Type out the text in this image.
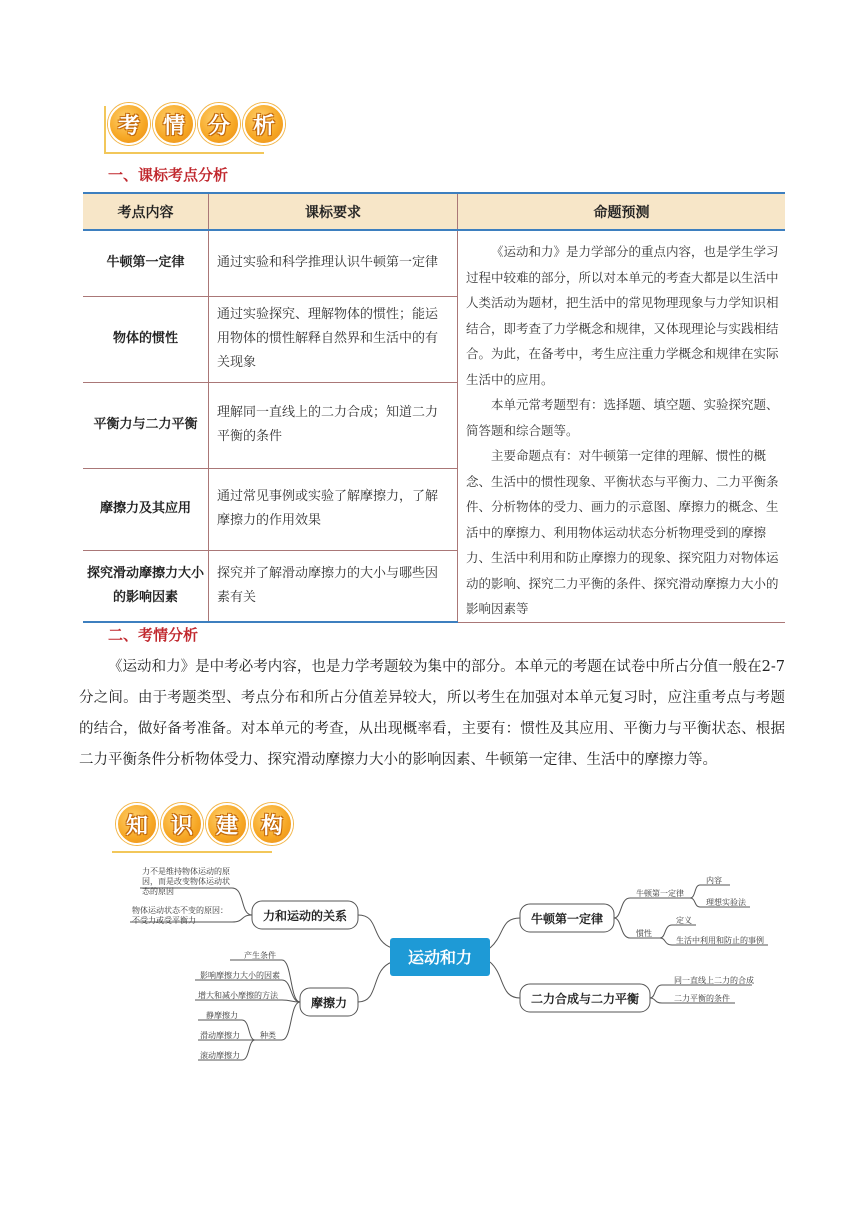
考	情	分	析
一、课标考点分析
考点内容	课标要求	命题预测
牛顿第一定律	通过实验和科学推理认识牛顿第一定律	《运动和力》是力学部分的重点内容，也是学生学习过程中较难的部分，所以对本单元的考查大都是以生活中人类活动为题材，把生活中的常见物理现象与力学知识相结合，即考查了力学概念和规律，又体现理论与实践相结合。为此，在备考中，考生应注重力学概念和规律在实际生活中的应用。

本单元常考题型有：选择题、填空题、实验探究题、简答题和综合题等。

主要命题点有：对牛顿第一定律的理解、惯性的概念、生活中的惯性现象、平衡状态与平衡力、二力平衡条件、分析物体的受力、画力的示意图、摩擦力的概念、生活中的摩擦力、利用物体运动状态分析物理受到的摩擦力、生活中利用和防止摩擦力的现象、探究阻力对物体运动的影响、探究二力平衡的条件、探究滑动摩擦力大小的影响因素等

物体的惯性	通过实验探究、理解物体的惯性；能运用物体的惯性解释自然界和生活中的有关现象	
平衡力与二力平衡	理解同一直线上的二力合成；知道二力平衡的条件	
摩擦力及其应用	通过常见事例或实验了解摩擦力，了解摩擦力的作用效果	
探究滑动摩擦力大小的影响因素	探究并了解滑动摩擦力的大小与哪些因素有关	
二、考情分析
《运动和力》是中考必考内容，也是力学考题较为集中的部分。本单元的考题在试卷中所占分值一般在2-7分之间。由于考题类型、考点分布和所占分值差异较大，所以考生在加强对本单元复习时，应注重考点与考题的结合，做好备考准备。对本单元的考查，从出现概率看，主要有：惯性及其应用、平衡力与平衡状态、根据二力平衡条件分析物体受力、探究滑动摩擦力大小的影响因素、牛顿第一定律、生活中的摩擦力等。
知	识	建	构
运动和力
力和运动的关系
摩擦力
牛顿第一定律
二力合成与二力平衡
力不是维持物体运动的原
因，而是改变物体运动状
态的原因
物体运动状态不变的原因：
不受力或受平衡力
产生条件
影响摩擦力大小的因素
增大和减小摩擦的方法
种类
静摩擦力
滑动摩擦力
滚动摩擦力
牛顿第一定律
内容
理想实验法
惯性
定义
生活中利用和防止的事例
同一直线上二力的合成
二力平衡的条件
